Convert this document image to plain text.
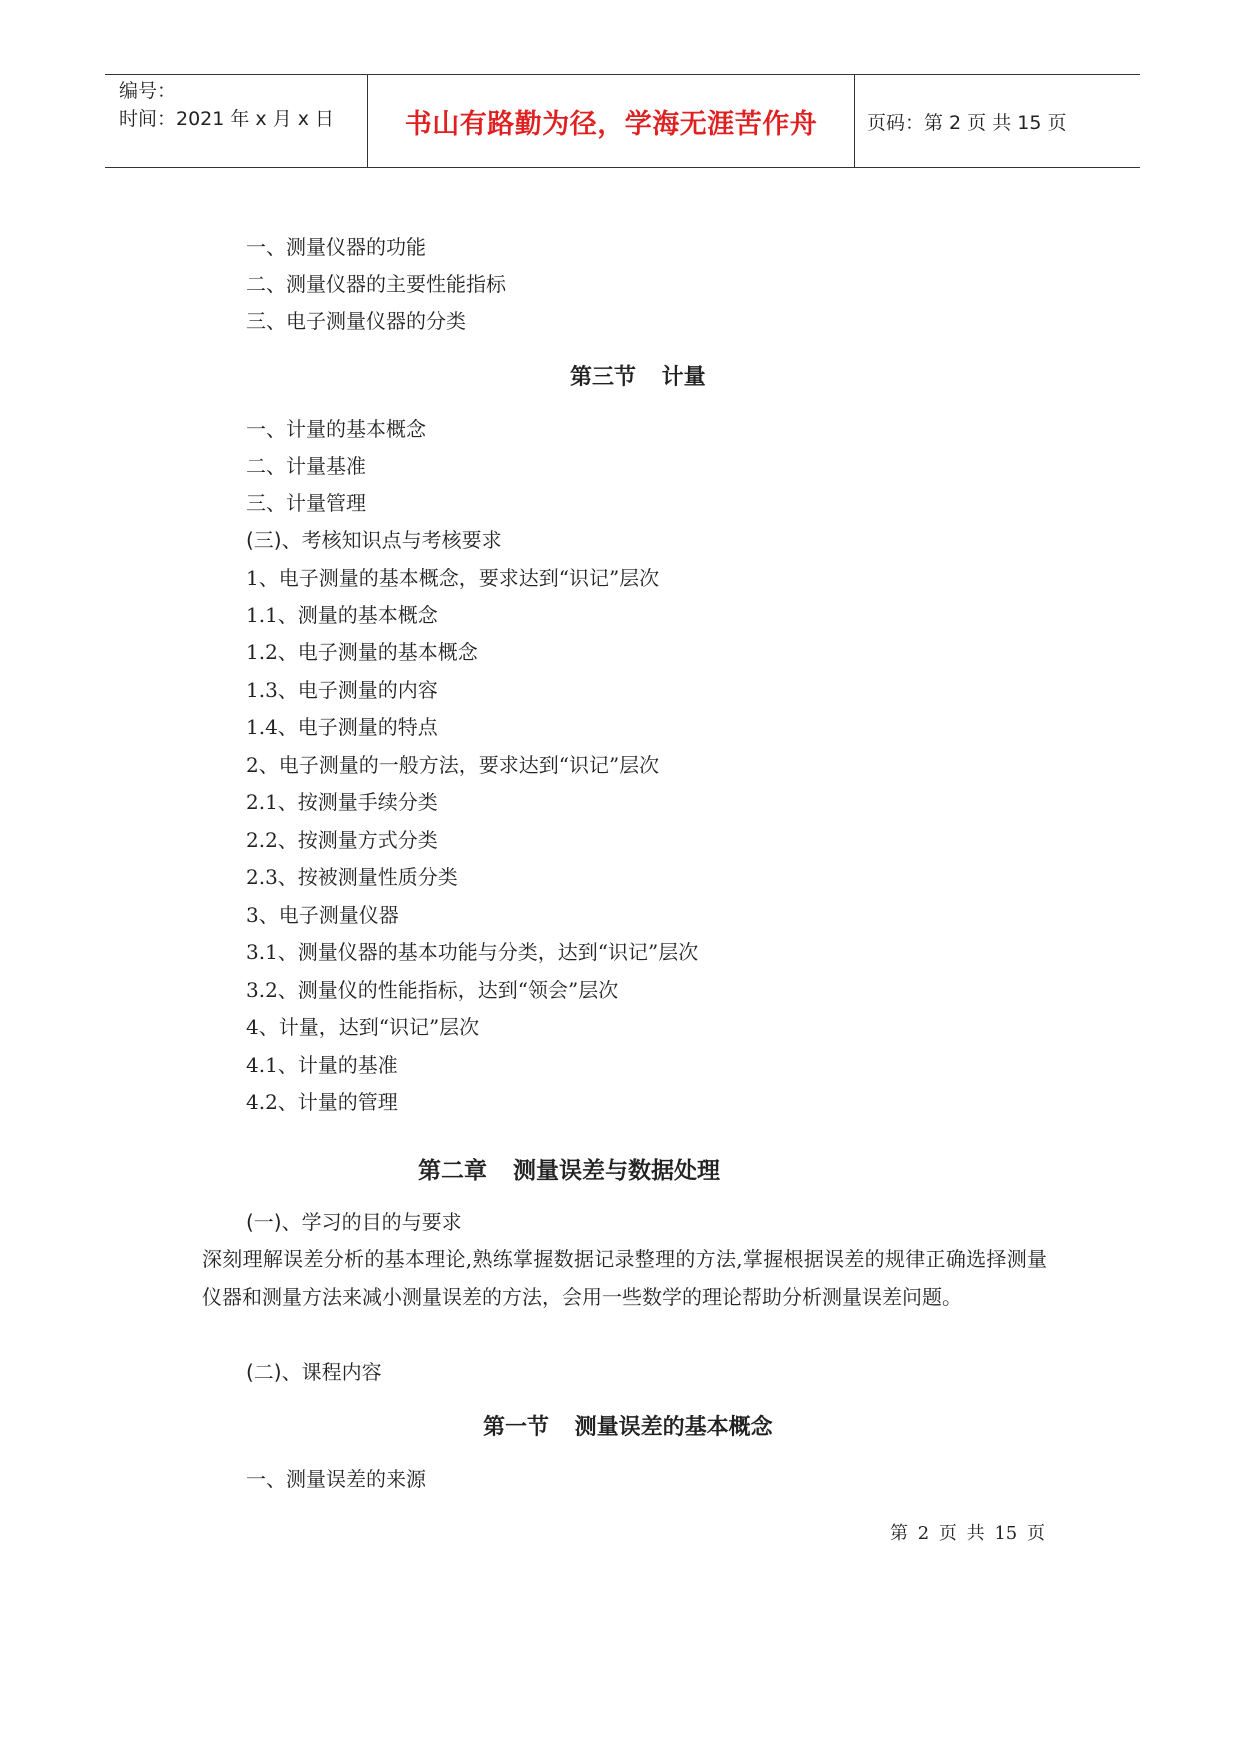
编号：
时间：2021 年 x 月 x 日	书山有路勤为径，学海无涯苦作舟	页码：第 2 页 共 15 页
一、测量仪器的功能
二、测量仪器的主要性能指标
三、电子测量仪器的分类
第三节 计量
一、计量的基本概念
二、计量基准
三、计量管理
(三)、考核知识点与考核要求
1、电子测量的基本概念，要求达到“识记”层次
1.1、测量的基本概念
1.2、电子测量的基本概念
1.3、电子测量的内容
1.4、电子测量的特点
2、电子测量的一般方法，要求达到“识记”层次
2.1、按测量手续分类
2.2、按测量方式分类
2.3、按被测量性质分类
3、电子测量仪器
3.1、测量仪器的基本功能与分类，达到“识记”层次
3.2、测量仪的性能指标，达到“领会”层次
4、计量，达到“识记”层次
4.1、计量的基准
4.2、计量的管理
第二章 测量误差与数据处理
(一)、学习的目的与要求
深刻理解误差分析的基本理论,熟练掌握数据记录整理的方法,掌握根据误差的规律正确选择测量仪器和测量方法来减小测量误差的方法，会用一些数学的理论帮助分析测量误差问题。
(二)、课程内容
第一节 测量误差的基本概念
一、测量误差的来源
第 2 页 共 15 页
